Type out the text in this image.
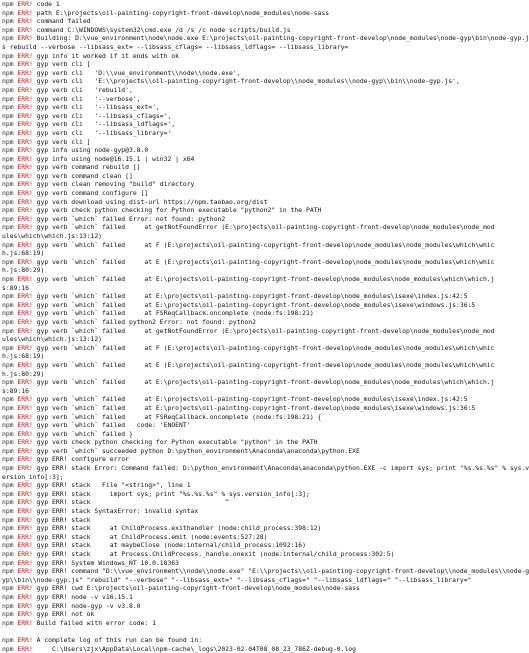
npm ERR! code 1
npm ERR! path E:\projects\oil-painting-copyright-front-develop\node_modules\node-sass
npm ERR! command failed
npm ERR! command C:\WINDOWS\system32\cmd.exe /d /s /c node scripts/build.js
npm ERR! Building: D:\vue_environment\node\node.exe E:\projects\oil-painting-copyright-front-develop\node_modules\node-gyp\bin\node-gyp.j
s rebuild --verbose --libsass_ext= --libsass_cflags= --libsass_ldflags= --libsass_library=
npm ERR! gyp info it worked if it ends with ok
npm ERR! gyp verb cli [
npm ERR! gyp verb cli   'D:\\vue_environment\\node\\node.exe',
npm ERR! gyp verb cli   'E:\\projects\\oil-painting-copyright-front-develop\\node_modules\\node-gyp\\bin\\node-gyp.js',
npm ERR! gyp verb cli   'rebuild',
npm ERR! gyp verb cli   '--verbose',
npm ERR! gyp verb cli   '--libsass_ext=',
npm ERR! gyp verb cli   '--libsass_cflags=',
npm ERR! gyp verb cli   '--libsass_ldflags=',
npm ERR! gyp verb cli   '--libsass_library='
npm ERR! gyp verb cli ]
npm ERR! gyp info using node-gyp@3.8.0
npm ERR! gyp info using node@16.15.1 | win32 | x64
npm ERR! gyp verb command rebuild []
npm ERR! gyp verb command clean []
npm ERR! gyp verb clean removing "build" directory
npm ERR! gyp verb command configure []
npm ERR! gyp verb download using dist-url https://npm.taobao.org/dist
npm ERR! gyp verb check python checking for Python executable "python2" in the PATH
npm ERR! gyp verb `which` failed Error: not found: python2
npm ERR! gyp verb `which` failed     at getNotFoundError (E:\projects\oil-painting-copyright-front-develop\node_modules\node_mod
ules\which\which.js:13:12)
npm ERR! gyp verb `which` failed     at F (E:\projects\oil-painting-copyright-front-develop\node_modules\node_modules\which\whic
h.js:68:19)
npm ERR! gyp verb `which` failed     at E (E:\projects\oil-painting-copyright-front-develop\node_modules\node_modules\which\whic
h.js:80:29)
npm ERR! gyp verb `which` failed     at E:\projects\oil-painting-copyright-front-develop\node_modules\node_modules\which\which.j
s:89:16
npm ERR! gyp verb `which` failed     at E:\projects\oil-painting-copyright-front-develop\node_modules\isexe\index.js:42:5
npm ERR! gyp verb `which` failed     at E:\projects\oil-painting-copyright-front-develop\node_modules\isexe\windows.js:36:5
npm ERR! gyp verb `which` failed     at FSReqCallback.oncomplete (node:fs:198:21)
npm ERR! gyp verb `which` failed python2 Error: not found: python2
npm ERR! gyp verb `which` failed     at getNotFoundError (E:\projects\oil-painting-copyright-front-develop\node_modules\node_mod
ules\which\which.js:13:12)
npm ERR! gyp verb `which` failed     at F (E:\projects\oil-painting-copyright-front-develop\node_modules\node_modules\which\whic
h.js:68:19)
npm ERR! gyp verb `which` failed     at E (E:\projects\oil-painting-copyright-front-develop\node_modules\node_modules\which\whic
h.js:80:29)
npm ERR! gyp verb `which` failed     at E:\projects\oil-painting-copyright-front-develop\node_modules\node_modules\which\which.j
s:89:16
npm ERR! gyp verb `which` failed     at E:\projects\oil-painting-copyright-front-develop\node_modules\isexe\index.js:42:5
npm ERR! gyp verb `which` failed     at E:\projects\oil-painting-copyright-front-develop\node_modules\isexe\windows.js:36:5
npm ERR! gyp verb `which` failed     at FSReqCallback.oncomplete (node:fs:198:21) {
npm ERR! gyp verb `which` failed   code: 'ENOENT'
npm ERR! gyp verb `which` failed }
npm ERR! gyp verb check python checking for Python executable "python" in the PATH
npm ERR! gyp verb `which` succeeded python D:\python_environment\Anaconda\anaconda\python.EXE
npm ERR! gyp ERR! configure error
npm ERR! gyp ERR! stack Error: Command failed: D:\python_environment\Anaconda\anaconda\python.EXE -c import sys; print "%s.%s.%s" % sys.v
ersion_info[:3];
npm ERR! gyp ERR! stack   File "<string>", line 1
npm ERR! gyp ERR! stack     import sys; print "%s.%s.%s" % sys.version_info[:3];
npm ERR! gyp ERR! stack                                   ^
npm ERR! gyp ERR! stack SyntaxError: invalid syntax
npm ERR! gyp ERR! stack
npm ERR! gyp ERR! stack     at ChildProcess.exithandler (node:child_process:398:12)
npm ERR! gyp ERR! stack     at ChildProcess.emit (node:events:527:28)
npm ERR! gyp ERR! stack     at maybeClose (node:internal/child_process:1092:16)
npm ERR! gyp ERR! stack     at Process.ChildProcess._handle.onexit (node:internal/child_process:302:5)
npm ERR! gyp ERR! System Windows_NT 10.0.18363
npm ERR! gyp ERR! command "D:\\vue_environment\\node\\node.exe" "E:\\projects\\oil-painting-copyright-front-develop\\node_modules\\node-g
yp\\bin\\node-gyp.js" "rebuild" "--verbose" "--libsass_ext=" "--libsass_cflags=" "--libsass_ldflags=" "--libsass_library="
npm ERR! gyp ERR! cwd E:\projects\oil-painting-copyright-front-develop\node_modules\node-sass
npm ERR! gyp ERR! node -v v16.15.1
npm ERR! gyp ERR! node-gyp -v v3.8.0
npm ERR! gyp ERR! not ok
npm ERR! Build failed with error code: 1
npm ERR! A complete log of this run can be found in:
npm ERR!     C:\Users\zjx\AppData\Local\npm-cache\_logs\2023-02-04T08_08_23_786Z-debug-0.log
